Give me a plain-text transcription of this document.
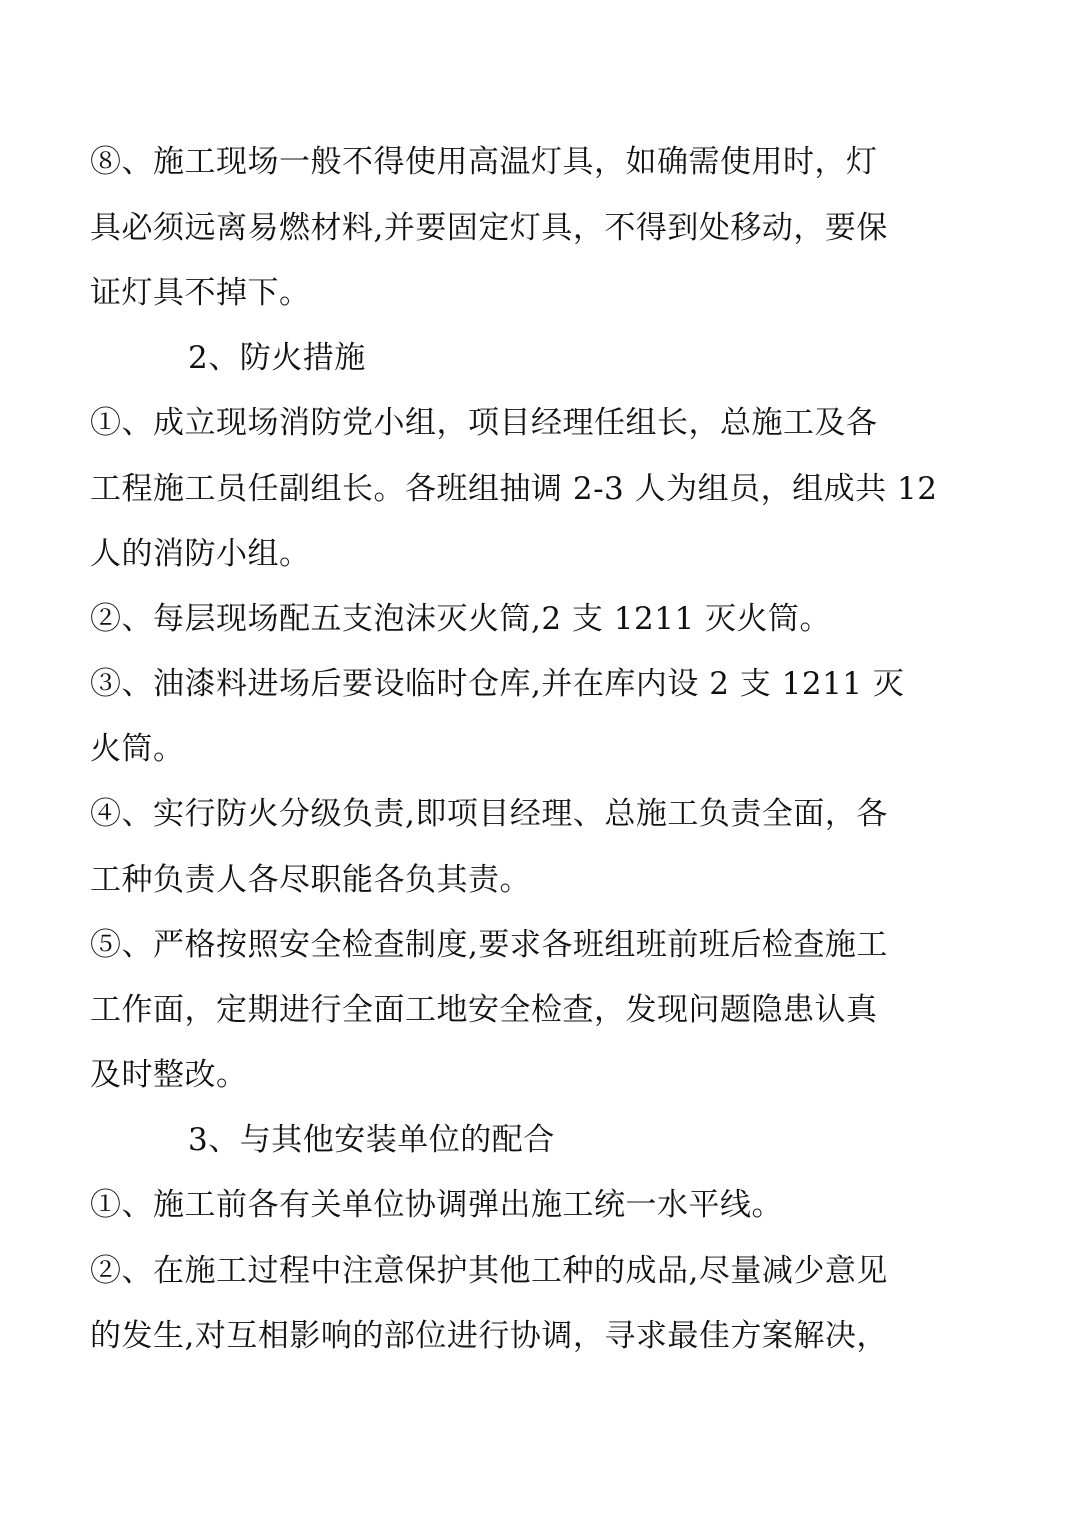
⑧、施工现场一般不得使用高温灯具，如确需使用时，灯
具必须远离易燃材料,并要固定灯具，不得到处移动，要保
证灯具不掉下。
2、防火措施
①、成立现场消防党小组，项目经理任组长，总施工及各
工程施工员任副组长。各班组抽调 2-3 人为组员，组成共 12
人的消防小组。
②、每层现场配五支泡沫灭火筒,2 支 1211 灭火筒。
③、油漆料进场后要设临时仓库,并在库内设 2 支 1211 灭
火筒。
④、实行防火分级负责,即项目经理、总施工负责全面，各
工种负责人各尽职能各负其责。
⑤、严格按照安全检查制度,要求各班组班前班后检查施工
工作面，定期进行全面工地安全检查，发现问题隐患认真
及时整改。
3、与其他安装单位的配合
①、施工前各有关单位协调弹出施工统一水平线。
②、在施工过程中注意保护其他工种的成品,尽量减少意见
的发生,对互相影响的部位进行协调，寻求最佳方案解决，
